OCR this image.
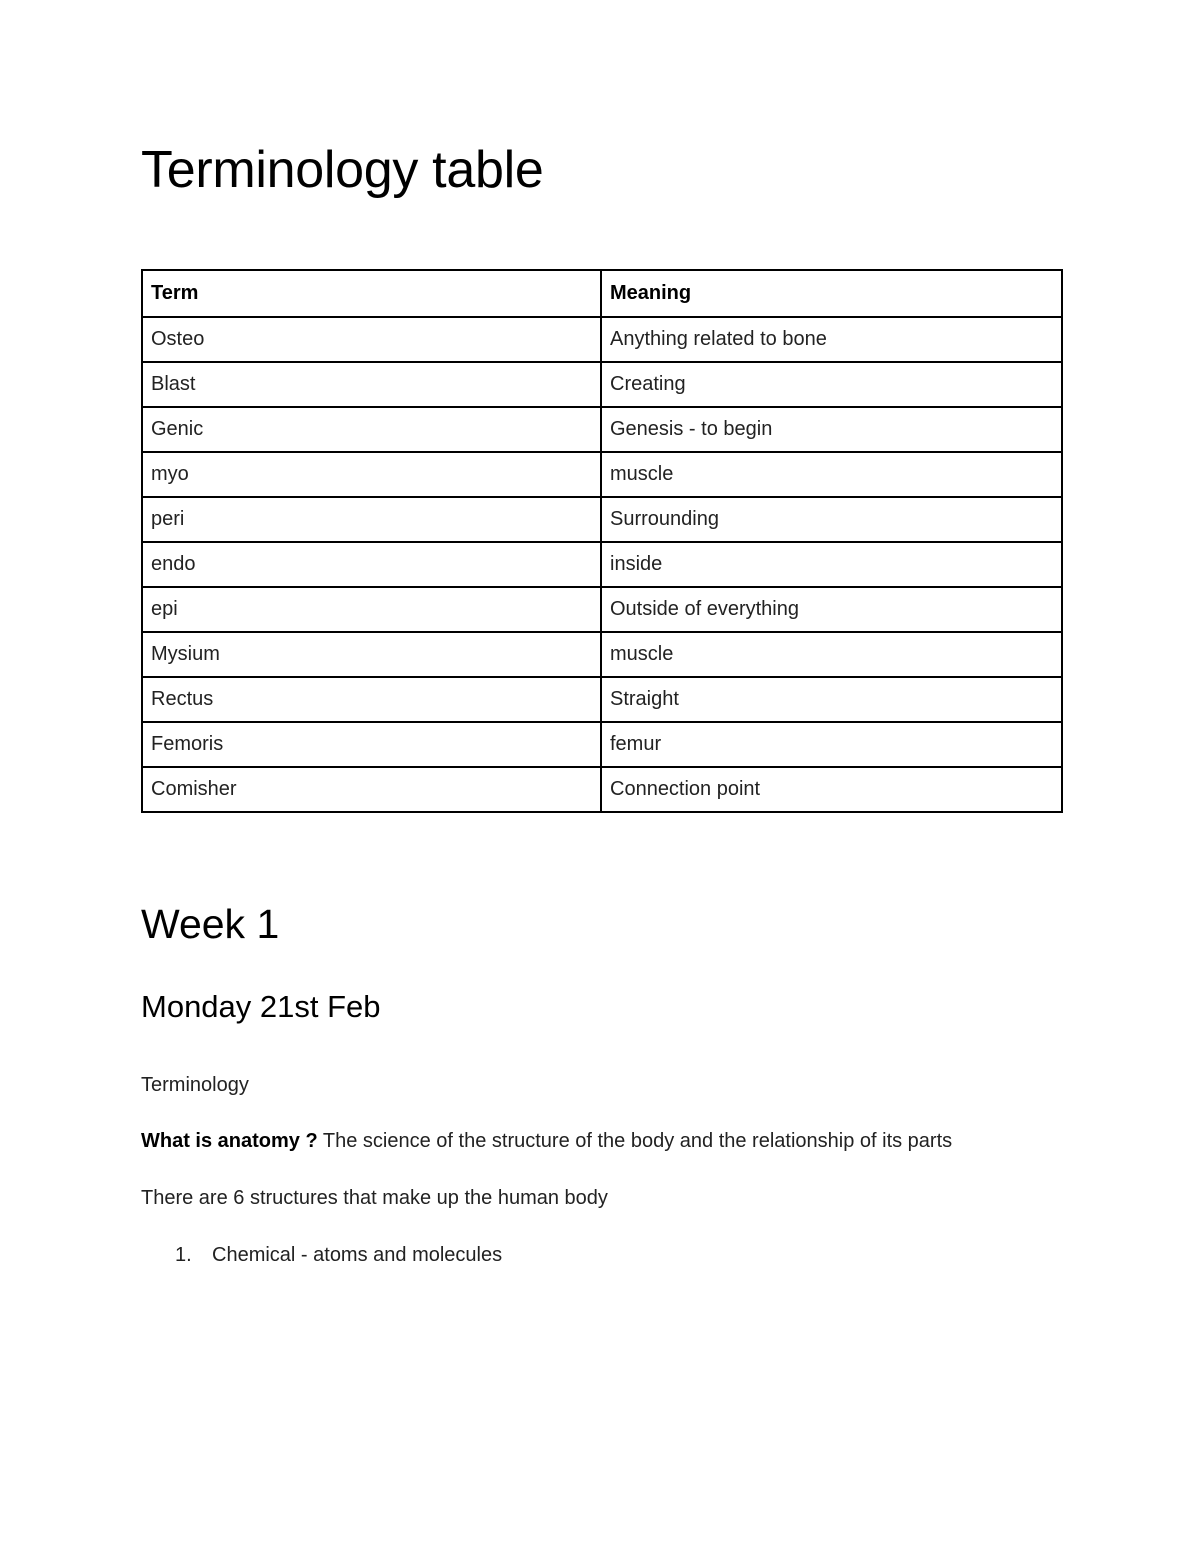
Terminology table
Term	Meaning
Osteo	Anything related to bone
Blast	Creating
Genic	Genesis - to begin
myo	muscle
peri	Surrounding
endo	inside
epi	Outside of everything
Mysium	muscle
Rectus	Straight
Femoris	femur
Comisher	Connection point
Week 1
Monday 21st Feb

Terminology

What is anatomy ? The science of the structure of the body and the relationship of its parts

There are 6 structures that make up the human body

1. Chemical - atoms and molecules
